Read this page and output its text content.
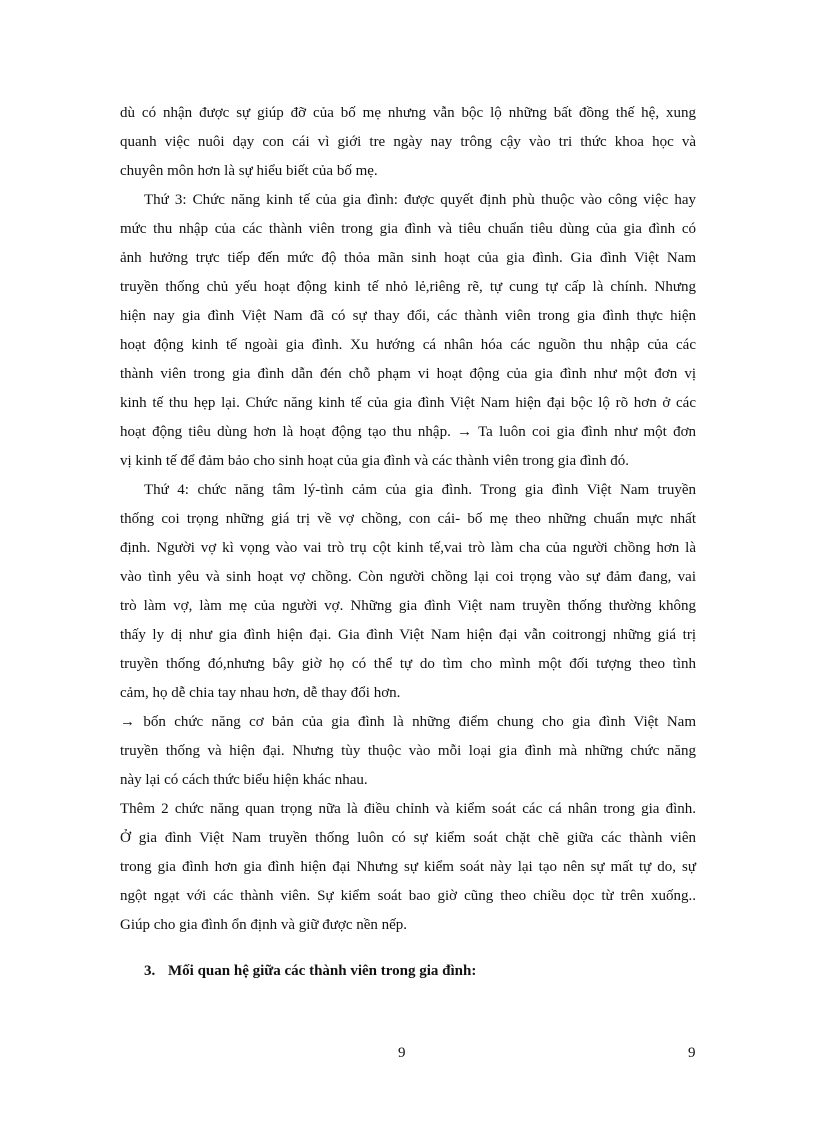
dù có nhận được sự giúp đỡ của bố mẹ nhưng vẫn bộc lộ những bất đồng thế hệ, xung

quanh việc nuôi dạy con cái vì giới tre ngày nay trông cậy vào tri thức khoa học và

chuyên môn hơn là sự hiểu biết của bố mẹ.

Thứ 3: Chức năng kinh tế của gia đình: được quyết định phù thuộc vào công việc hay

mức thu nhập của các thành viên trong gia đình và tiêu chuẩn tiêu dùng của gia đình có

ảnh hưởng trực tiếp đến mức độ thỏa mãn sinh hoạt của gia đình. Gia đình Việt Nam

truyền thống chủ yếu hoạt động kinh tế nhỏ lẻ,riêng rẽ, tự cung tự cấp là chính. Nhưng

hiện nay gia đình Việt Nam đã có sự thay đổi, các thành viên trong gia đình thực hiện

hoạt động kinh tế ngoài gia đình. Xu hướng cá nhân hóa các nguồn thu nhập của các

thành viên trong gia đình dẫn đén chỗ phạm vi hoạt động của gia đình như một đơn vị

kinh tế thu hẹp lại. Chức năng kinh tế của gia đình Việt Nam hiện đại bộc lộ rõ hơn ở các

hoạt động tiêu dùng hơn là hoạt động tạo thu nhập. → Ta luôn coi gia đình như một đơn

vị kinh tế để đảm bảo cho sinh hoạt của gia đình và các thành viên trong gia đình đó.

Thứ 4: chức năng tâm lý-tình cảm của gia đình. Trong gia đình Việt Nam truyền

thống coi trọng những giá trị về vợ chồng, con cái- bố mẹ theo những chuẩn mực nhất

định. Người vợ kì vọng vào vai trò trụ cột kinh tế,vai trò làm cha của người chồng hơn là

vào tình yêu và sinh hoạt vợ chồng. Còn người chồng lại coi trọng vào sự đảm đang, vai

trò làm vợ, làm mẹ của người vợ. Những gia đình Việt nam truyền thống thường không

thấy ly dị như gia đình hiện đại. Gia đình Việt Nam hiện đại vẫn coitrongj những giá trị

truyền thống đó,nhưng bây giờ họ có thể tự do tìm cho mình một đối tượng theo tình

cảm, họ dễ chia tay nhau hơn, dễ thay đổi hơn.

→ bốn chức năng cơ bản của gia đình là những điểm chung cho gia đình Việt Nam

truyền thống và hiện đại. Nhưng tùy thuộc vào mỗi loại gia đình mà những chức năng

này lại có cách thức biểu hiện khác nhau.

Thêm 2 chức năng quan trọng nữa là điều chỉnh và kiểm soát các cá nhân trong gia đình.

Ở gia đình Việt Nam truyền thống luôn có sự kiểm soát chặt chẽ giữa các thành viên

trong gia đình hơn gia đình hiện đại Nhưng sự kiểm soát này lại tạo nên sự mất tự do, sự

ngột ngạt với các thành viên. Sự kiểm soát bao giờ cũng theo chiều dọc từ trên xuống..

Giúp cho gia đình ổn định và giữ được nền nếp.

3. Mối quan hệ giữa các thành viên trong gia đình:
9	9
